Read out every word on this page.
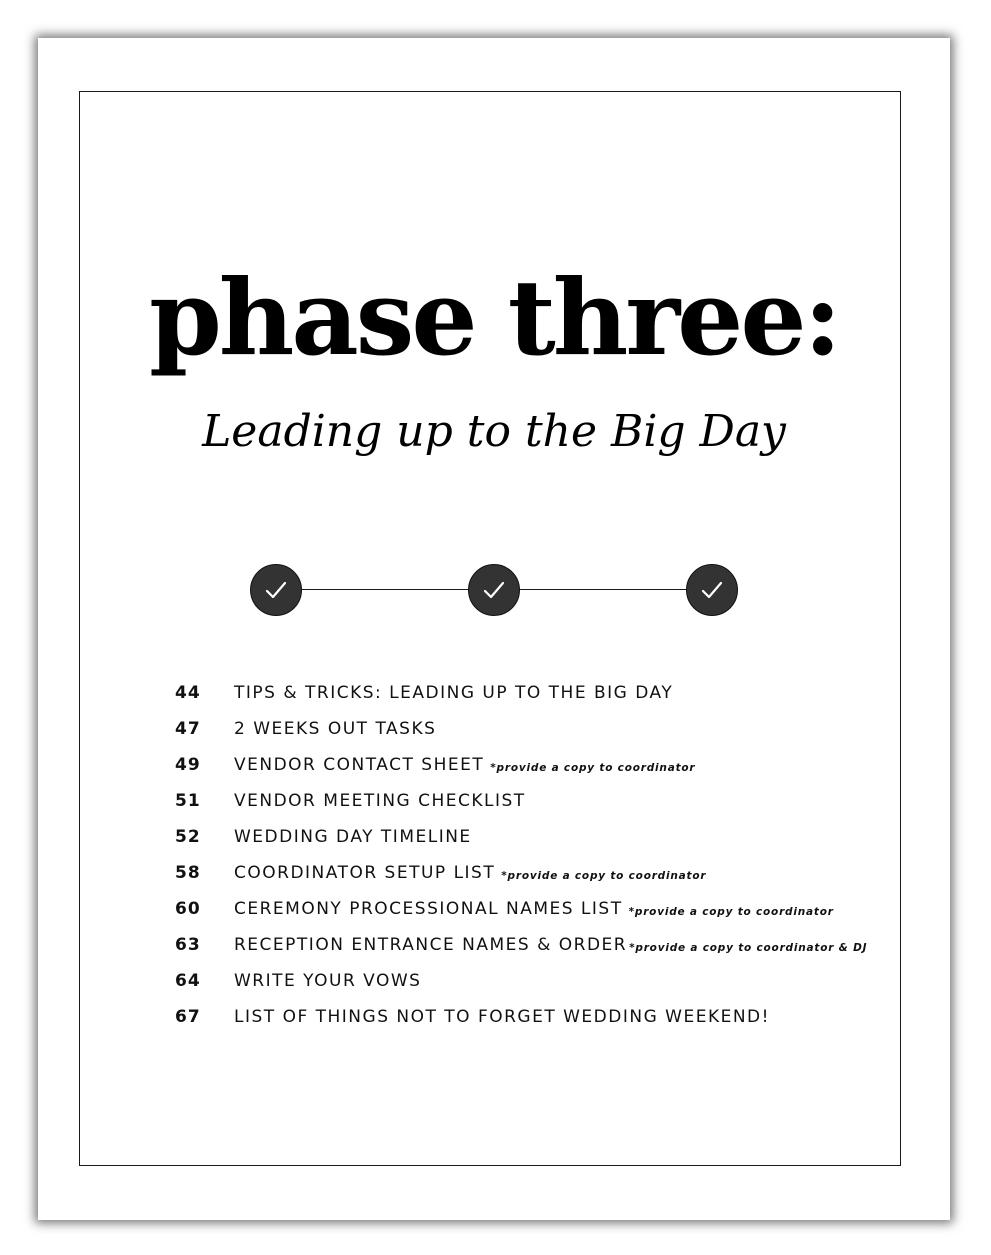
phase three:
Leading up to the Big Day
44	TIPS & TRICKS: LEADING UP TO THE BIG DAY
47	2 WEEKS OUT TASKS
49	VENDOR CONTACT SHEET *provide a copy to coordinator
51	VENDOR MEETING CHECKLIST
52	WEDDING DAY TIMELINE
58	COORDINATOR SETUP LIST *provide a copy to coordinator
60	CEREMONY PROCESSIONAL NAMES LIST *provide a copy to coordinator
63	RECEPTION ENTRANCE NAMES & ORDER *provide a copy to coordinator & DJ
64	WRITE YOUR VOWS
67	LIST OF THINGS NOT TO FORGET WEDDING WEEKEND!
